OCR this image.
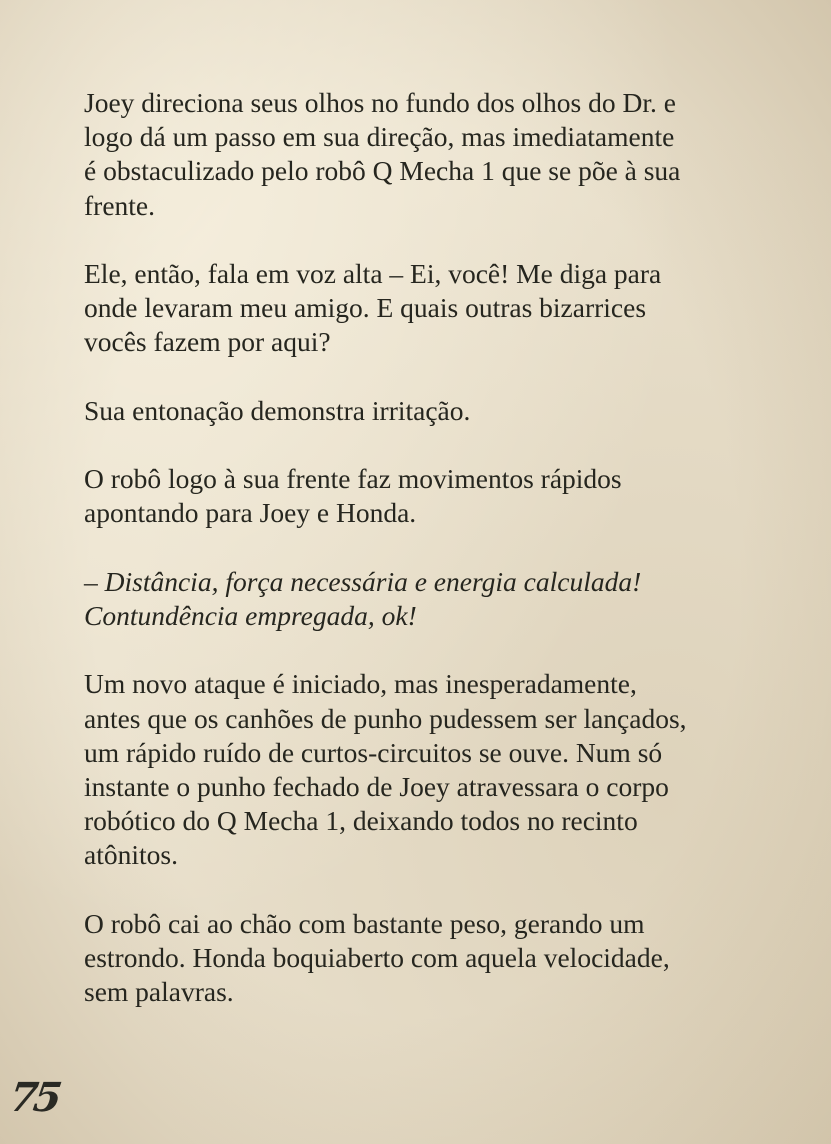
Joey direciona seus olhos no fundo dos olhos do Dr. e
logo dá um passo em sua direção, mas imediatamente
é obstaculizado pelo robô Q Mecha 1 que se põe à sua
frente.

Ele, então, fala em voz alta – Ei, você! Me diga para
onde levaram meu amigo. E quais outras bizarrices
vocês fazem por aqui?

Sua entonação demonstra irritação.

O robô logo à sua frente faz movimentos rápidos
apontando para Joey e Honda.

– Distância, força necessária e energia calculada!
Contundência empregada, ok!

Um novo ataque é iniciado, mas inesperadamente,
antes que os canhões de punho pudessem ser lançados,
um rápido ruído de curtos-circuitos se ouve. Num só
instante o punho fechado de Joey atravessara o corpo
robótico do Q Mecha 1, deixando todos no recinto
atônitos.

O robô cai ao chão com bastante peso, gerando um
estrondo. Honda boquiaberto com aquela velocidade,
sem palavras.

75
